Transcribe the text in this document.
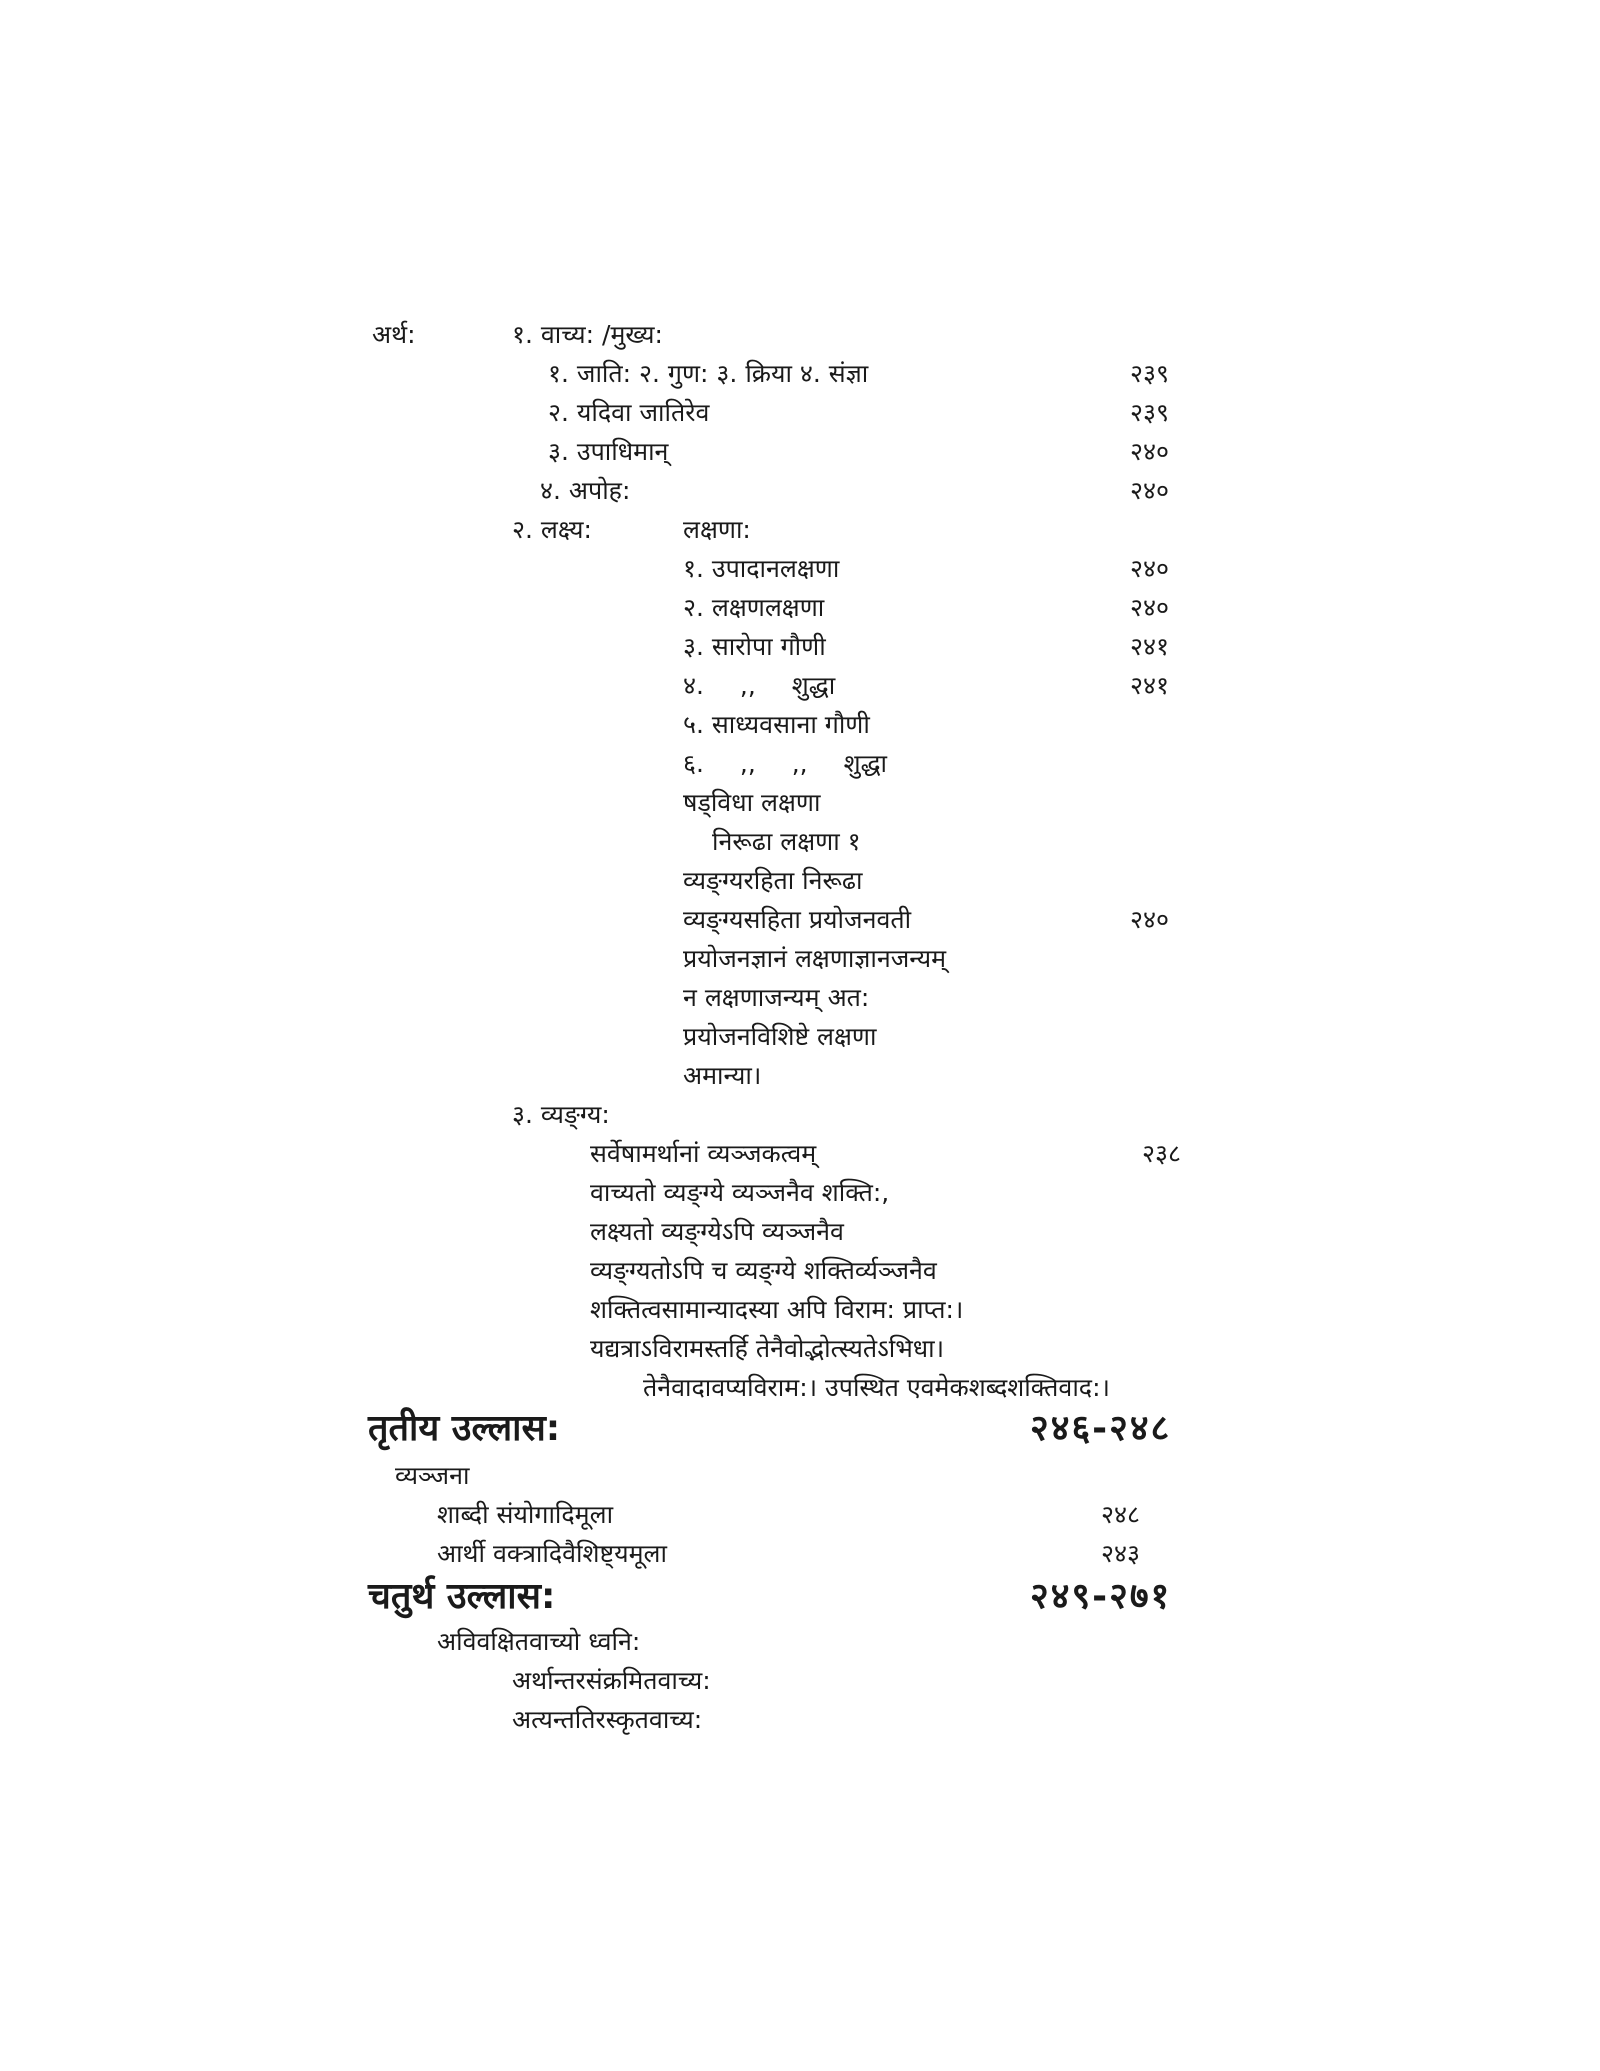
अर्थ:	१. वाच्य: /मुख्य:
१. जाति: २. गुण: ३. क्रिया ४. संज्ञा	२३९
२. यदिवा जातिरेव	२३९
३. उपाधिमान्	२४०
४. अपोह:	२४०
२. लक्ष्य:	लक्षणा:
१. उपादानलक्षणा	२४०
२. लक्षणलक्षणा	२४०
३. सारोपा गौणी	२४१
४. ,, शुद्धा	२४१
५. साध्यवसाना गौणी
६. ,, ,, शुद्धा
षड्विधा लक्षणा
निरूढा लक्षणा १
व्यङ्ग्यरहिता निरूढा
व्यङ्ग्यसहिता प्रयोजनवती	२४०
प्रयोजनज्ञानं लक्षणाज्ञानजन्यम्
न लक्षणाजन्यम् अत:
प्रयोजनविशिष्टे लक्षणा
अमान्या।
३. व्यङ्ग्य:
सर्वेषामर्थानां व्यञ्जकत्वम्	२३८
वाच्यतो व्यङ्ग्ये व्यञ्जनैव शक्ति:,
लक्ष्यतो व्यङ्ग्येऽपि व्यञ्जनैव
व्यङ्ग्यतोऽपि च व्यङ्ग्ये शक्तिर्व्यञ्जनैव
शक्तित्वसामान्यादस्या अपि विराम: प्राप्त:।
यद्यत्राऽविरामस्तर्हि तेनैवोद्भोत्स्यतेऽभिधा।
तेनैवादावप्यविराम:। उपस्थित एवमेकशब्दशक्तिवाद:।
तृतीय उल्लास:	२४६-२४८
व्यञ्जना
शाब्दी संयोगादिमूला	२४८
आर्थी वक्त्रादिवैशिष्ट्यमूला	२४३
चतुर्थ उल्लास:	२४९-२७१
अविवक्षितवाच्यो ध्वनि:
अर्थान्तरसंक्रमितवाच्य:
अत्यन्ततिरस्कृतवाच्य:
